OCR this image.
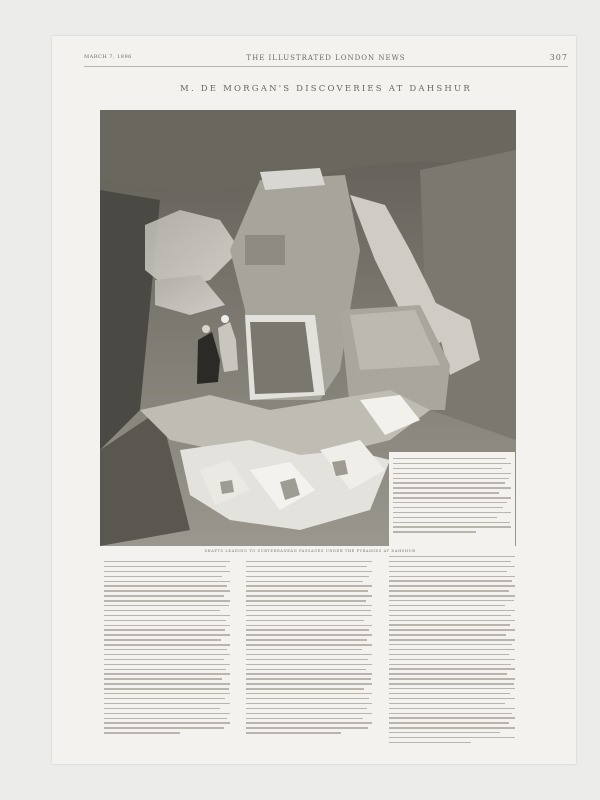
MARCH 7, 1896	THE ILLUSTRATED LONDON NEWS	307
M. DE MORGAN'S DISCOVERIES AT DAHSHUR
SHAFTS LEADING TO SUBTERRANEAN PASSAGES UNDER THE PYRAMIDS AT DAHSHUR
